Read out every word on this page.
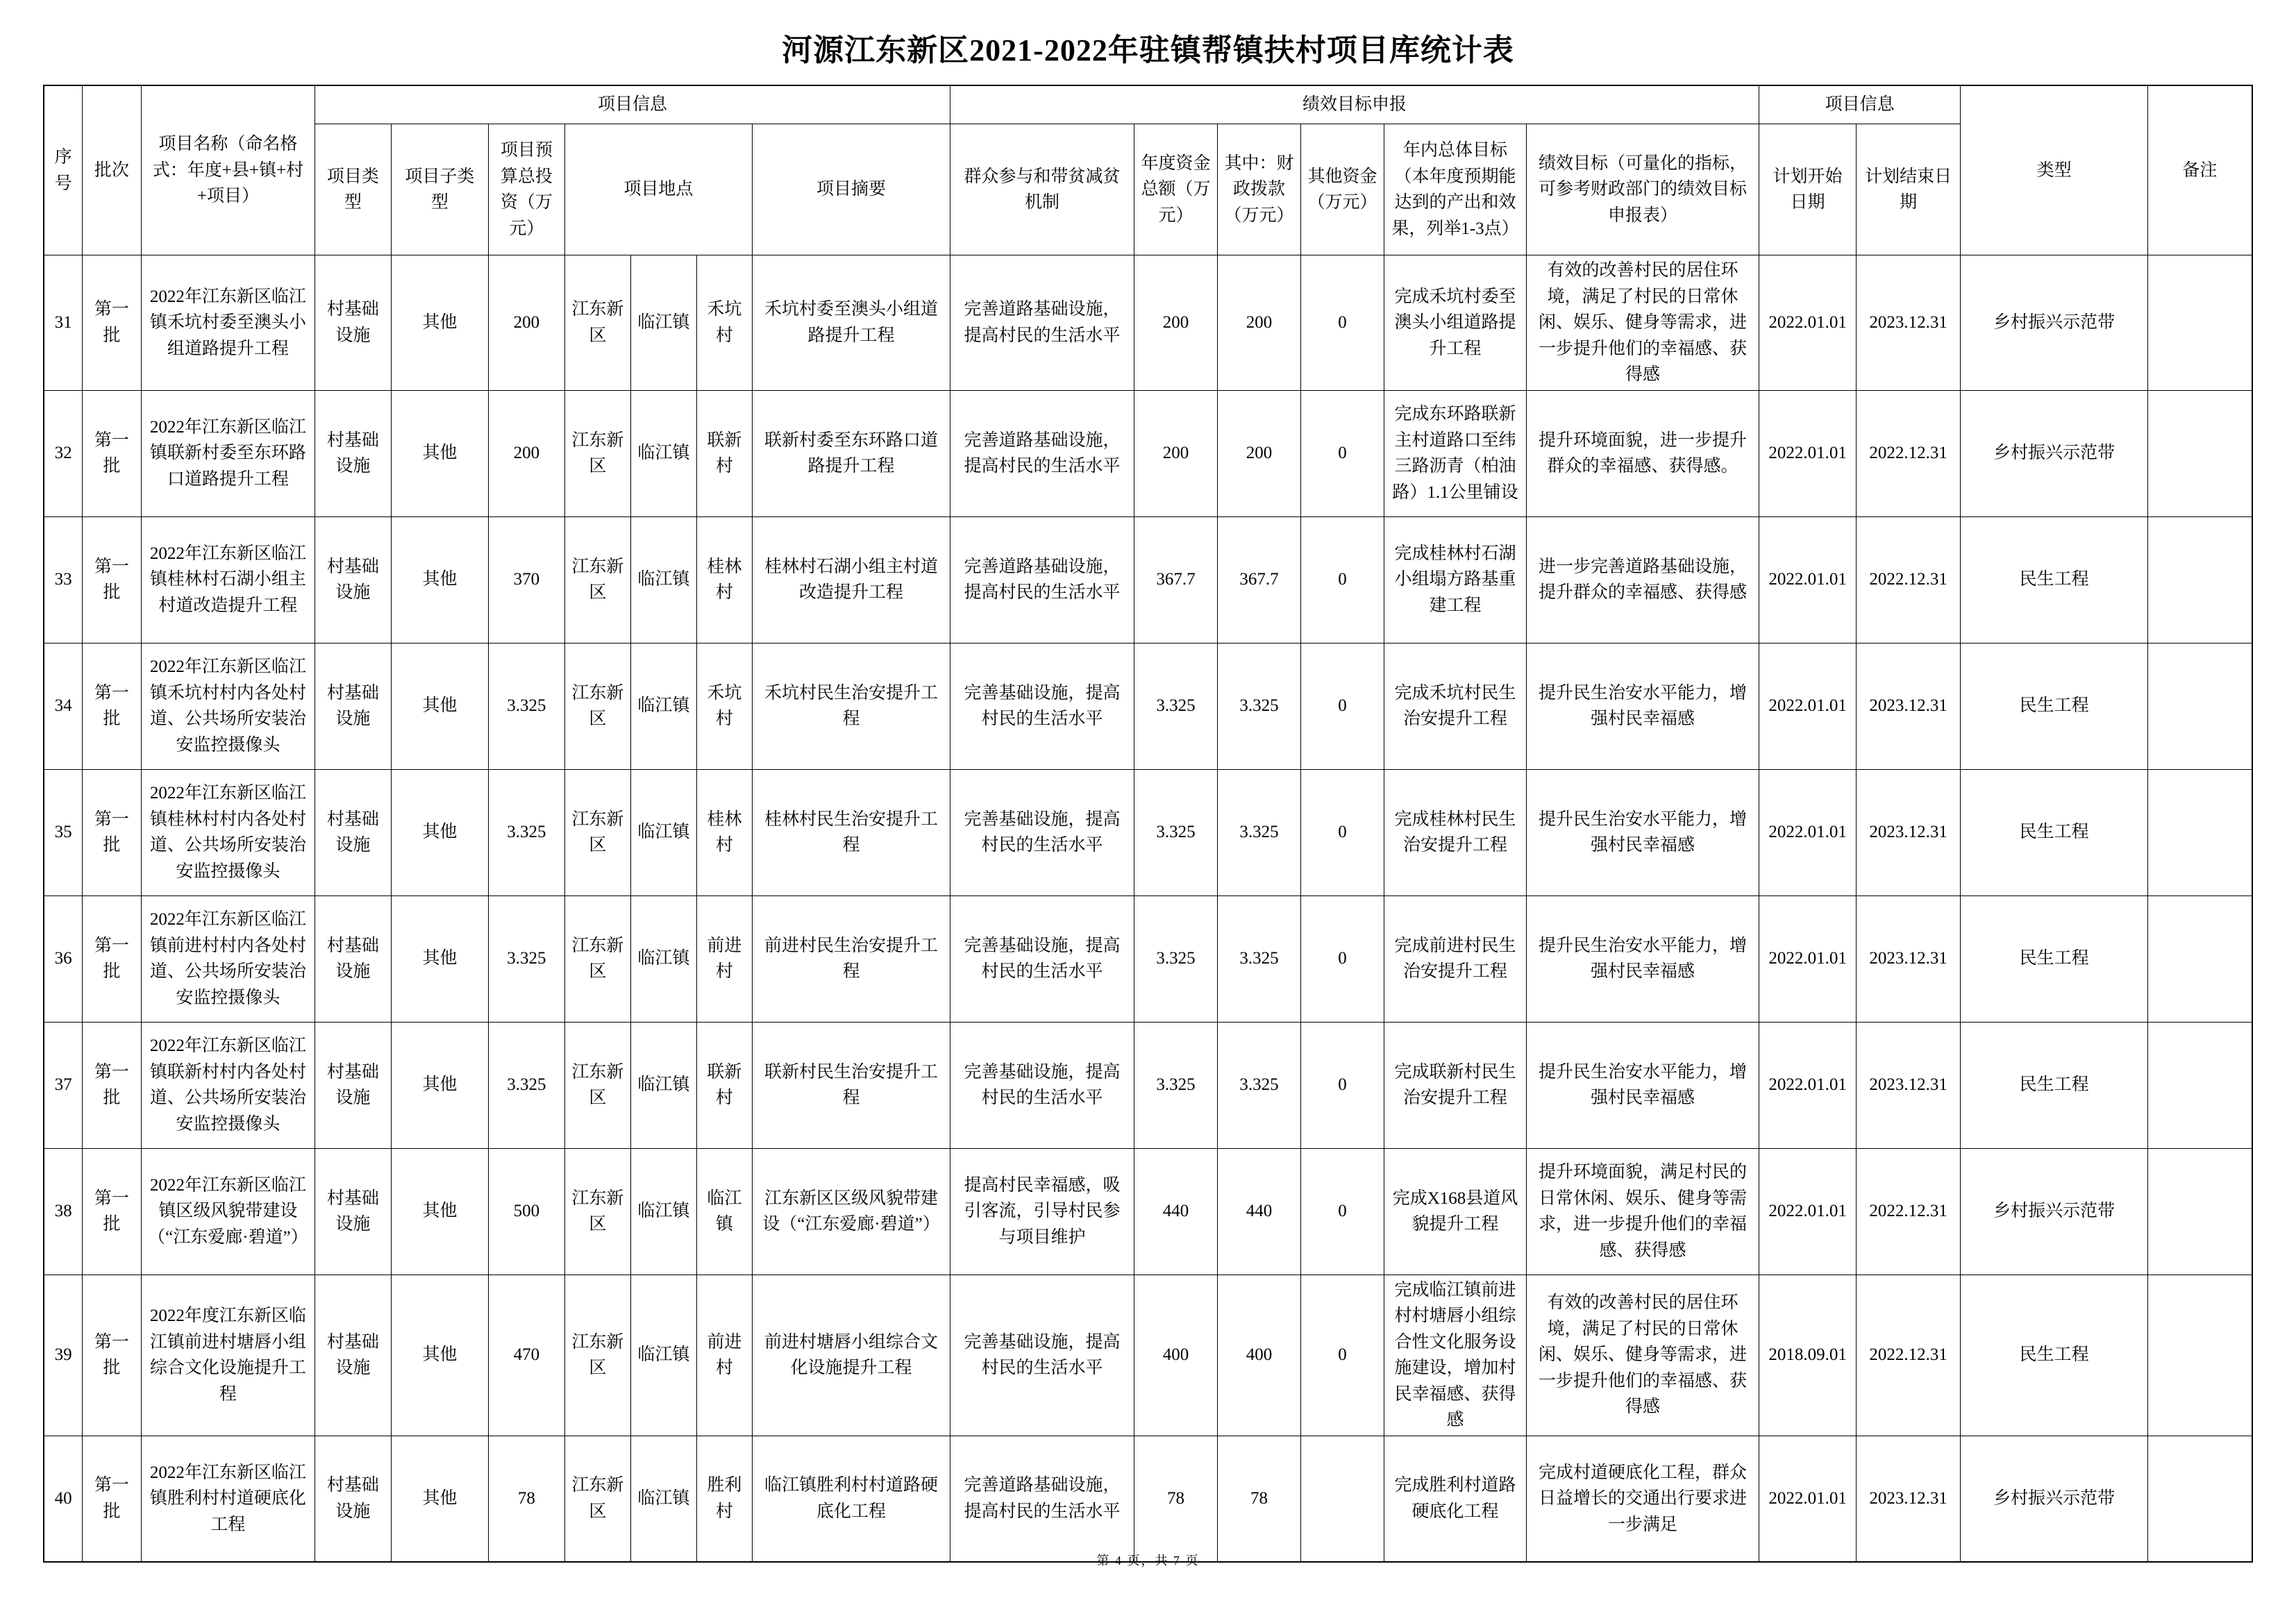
河源江东新区2021-2022年驻镇帮镇扶村项目库统计表
序号	批次	项目名称（命名格式：年度+县+镇+村+项目）	项目信息							绩效目标申报						项目信息		类型	备注
			项目类型	项目子类型	项目预算总投资（万元）	项目地点			项目摘要	群众参与和带贫减贫机制	年度资金总额（万元）	其中：财政拨款（万元）	其他资金（万元）	年内总体目标（本年度预期能达到的产出和效果，列举1-3点）	绩效目标（可量化的指标，可参考财政部门的绩效目标申报表）	计划开始日期	计划结束日期		
31	第一批	2022年江东新区临江镇禾坑村委至澳头小组道路提升工程	村基础设施	其他	200	江东新区	临江镇	禾坑村	禾坑村委至澳头小组道路提升工程	完善道路基础设施，提高村民的生活水平	200	200	0	完成禾坑村委至澳头小组道路提升工程	有效的改善村民的居住环境，满足了村民的日常休闲、娱乐、健身等需求，进一步提升他们的幸福感、获得感	2022.01.01	2023.12.31	乡村振兴示范带	
32	第一批	2022年江东新区临江镇联新村委至东环路口道路提升工程	村基础设施	其他	200	江东新区	临江镇	联新村	联新村委至东环路口道路提升工程	完善道路基础设施，提高村民的生活水平	200	200	0	完成东环路联新主村道路口至纬三路沥青（柏油路）1.1公里铺设	提升环境面貌，进一步提升群众的幸福感、获得感。	2022.01.01	2022.12.31	乡村振兴示范带	
33	第一批	2022年江东新区临江镇桂林村石湖小组主村道改造提升工程	村基础设施	其他	370	江东新区	临江镇	桂林村	桂林村石湖小组主村道改造提升工程	完善道路基础设施，提高村民的生活水平	367.7	367.7	0	完成桂林村石湖小组塌方路基重建工程	进一步完善道路基础设施，提升群众的幸福感、获得感	2022.01.01	2022.12.31	民生工程	
34	第一批	2022年江东新区临江镇禾坑村村内各处村道、公共场所安装治安监控摄像头	村基础设施	其他	3.325	江东新区	临江镇	禾坑村	禾坑村民生治安提升工程	完善基础设施，提高村民的生活水平	3.325	3.325	0	完成禾坑村民生治安提升工程	提升民生治安水平能力，增强村民幸福感	2022.01.01	2023.12.31	民生工程	
35	第一批	2022年江东新区临江镇桂林村村内各处村道、公共场所安装治安监控摄像头	村基础设施	其他	3.325	江东新区	临江镇	桂林村	桂林村民生治安提升工程	完善基础设施，提高村民的生活水平	3.325	3.325	0	完成桂林村民生治安提升工程	提升民生治安水平能力，增强村民幸福感	2022.01.01	2023.12.31	民生工程	
36	第一批	2022年江东新区临江镇前进村村内各处村道、公共场所安装治安监控摄像头	村基础设施	其他	3.325	江东新区	临江镇	前进村	前进村民生治安提升工程	完善基础设施，提高村民的生活水平	3.325	3.325	0	完成前进村民生治安提升工程	提升民生治安水平能力，增强村民幸福感	2022.01.01	2023.12.31	民生工程	
37	第一批	2022年江东新区临江镇联新村村内各处村道、公共场所安装治安监控摄像头	村基础设施	其他	3.325	江东新区	临江镇	联新村	联新村民生治安提升工程	完善基础设施，提高村民的生活水平	3.325	3.325	0	完成联新村民生治安提升工程	提升民生治安水平能力，增强村民幸福感	2022.01.01	2023.12.31	民生工程	
38	第一批	2022年江东新区临江镇区级风貌带建设（“江东爱廊·碧道”）	村基础设施	其他	500	江东新区	临江镇	临江镇	江东新区区级风貌带建设（“江东爱廊·碧道”）	提高村民幸福感，吸引客流，引导村民参与项目维护	440	440	0	完成X168县道风貌提升工程	提升环境面貌，满足村民的日常休闲、娱乐、健身等需求，进一步提升他们的幸福感、获得感	2022.01.01	2022.12.31	乡村振兴示范带	
39	第一批	2022年度江东新区临江镇前进村塘唇小组综合文化设施提升工程	村基础设施	其他	470	江东新区	临江镇	前进村	前进村塘唇小组综合文化设施提升工程	完善基础设施，提高村民的生活水平	400	400	0	完成临江镇前进村村塘唇小组综合性文化服务设施建设，增加村民幸福感、获得感	有效的改善村民的居住环境，满足了村民的日常休闲、娱乐、健身等需求，进一步提升他们的幸福感、获得感	2018.09.01	2022.12.31	民生工程	
40	第一批	2022年江东新区临江镇胜利村村道硬底化工程	村基础设施	其他	78	江东新区	临江镇	胜利村	临江镇胜利村村道路硬底化工程	完善道路基础设施，提高村民的生活水平	78	78		完成胜利村道路硬底化工程	完成村道硬底化工程，群众日益增长的交通出行要求进一步满足	2022.01.01	2023.12.31	乡村振兴示范带	
第 4 页，共 7 页
